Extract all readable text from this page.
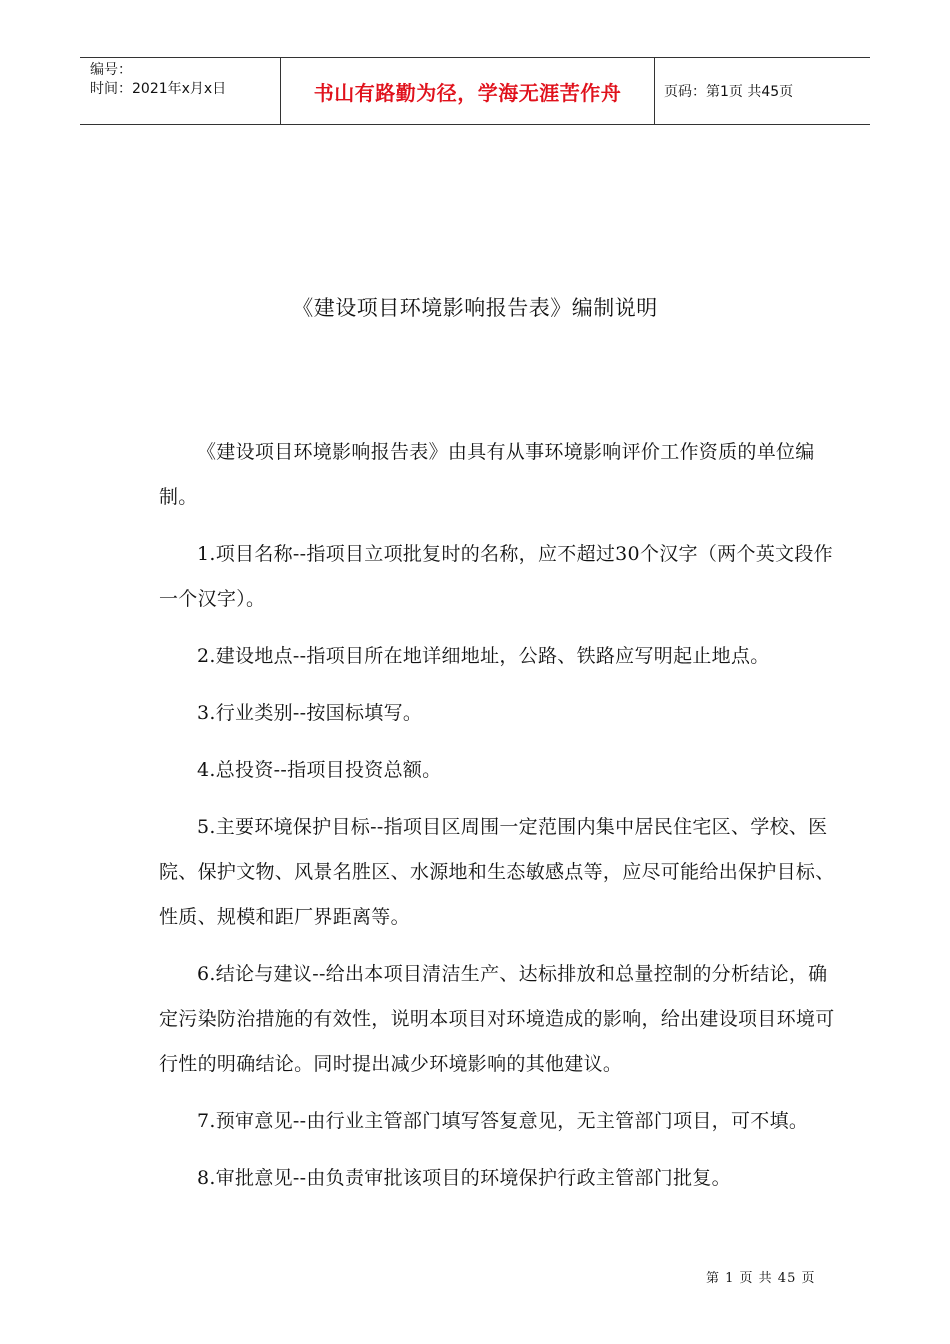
编号：
时间：2021年x月x日	书山有路勤为径，学海无涯苦作舟	页码：第1页 共45页
《建设项目环境影响报告表》编制说明

《建设项目环境影响报告表》由具有从事环境影响评价工作资质的单位编制。

1.项目名称--指项目立项批复时的名称，应不超过30个汉字（两个英文段作一个汉字）。

2.建设地点--指项目所在地详细地址，公路、铁路应写明起止地点。

3.行业类别--按国标填写。

4.总投资--指项目投资总额。

5.主要环境保护目标--指项目区周围一定范围内集中居民住宅区、学校、医院、保护文物、风景名胜区、水源地和生态敏感点等，应尽可能给出保护目标、性质、规模和距厂界距离等。

6.结论与建议--给出本项目清洁生产、达标排放和总量控制的分析结论，确定污染防治措施的有效性，说明本项目对环境造成的影响，给出建设项目环境可行性的明确结论。同时提出减少环境影响的其他建议。

7.预审意见--由行业主管部门填写答复意见，无主管部门项目，可不填。

8.审批意见--由负责审批该项目的环境保护行政主管部门批复。

第 1 页 共 45 页
